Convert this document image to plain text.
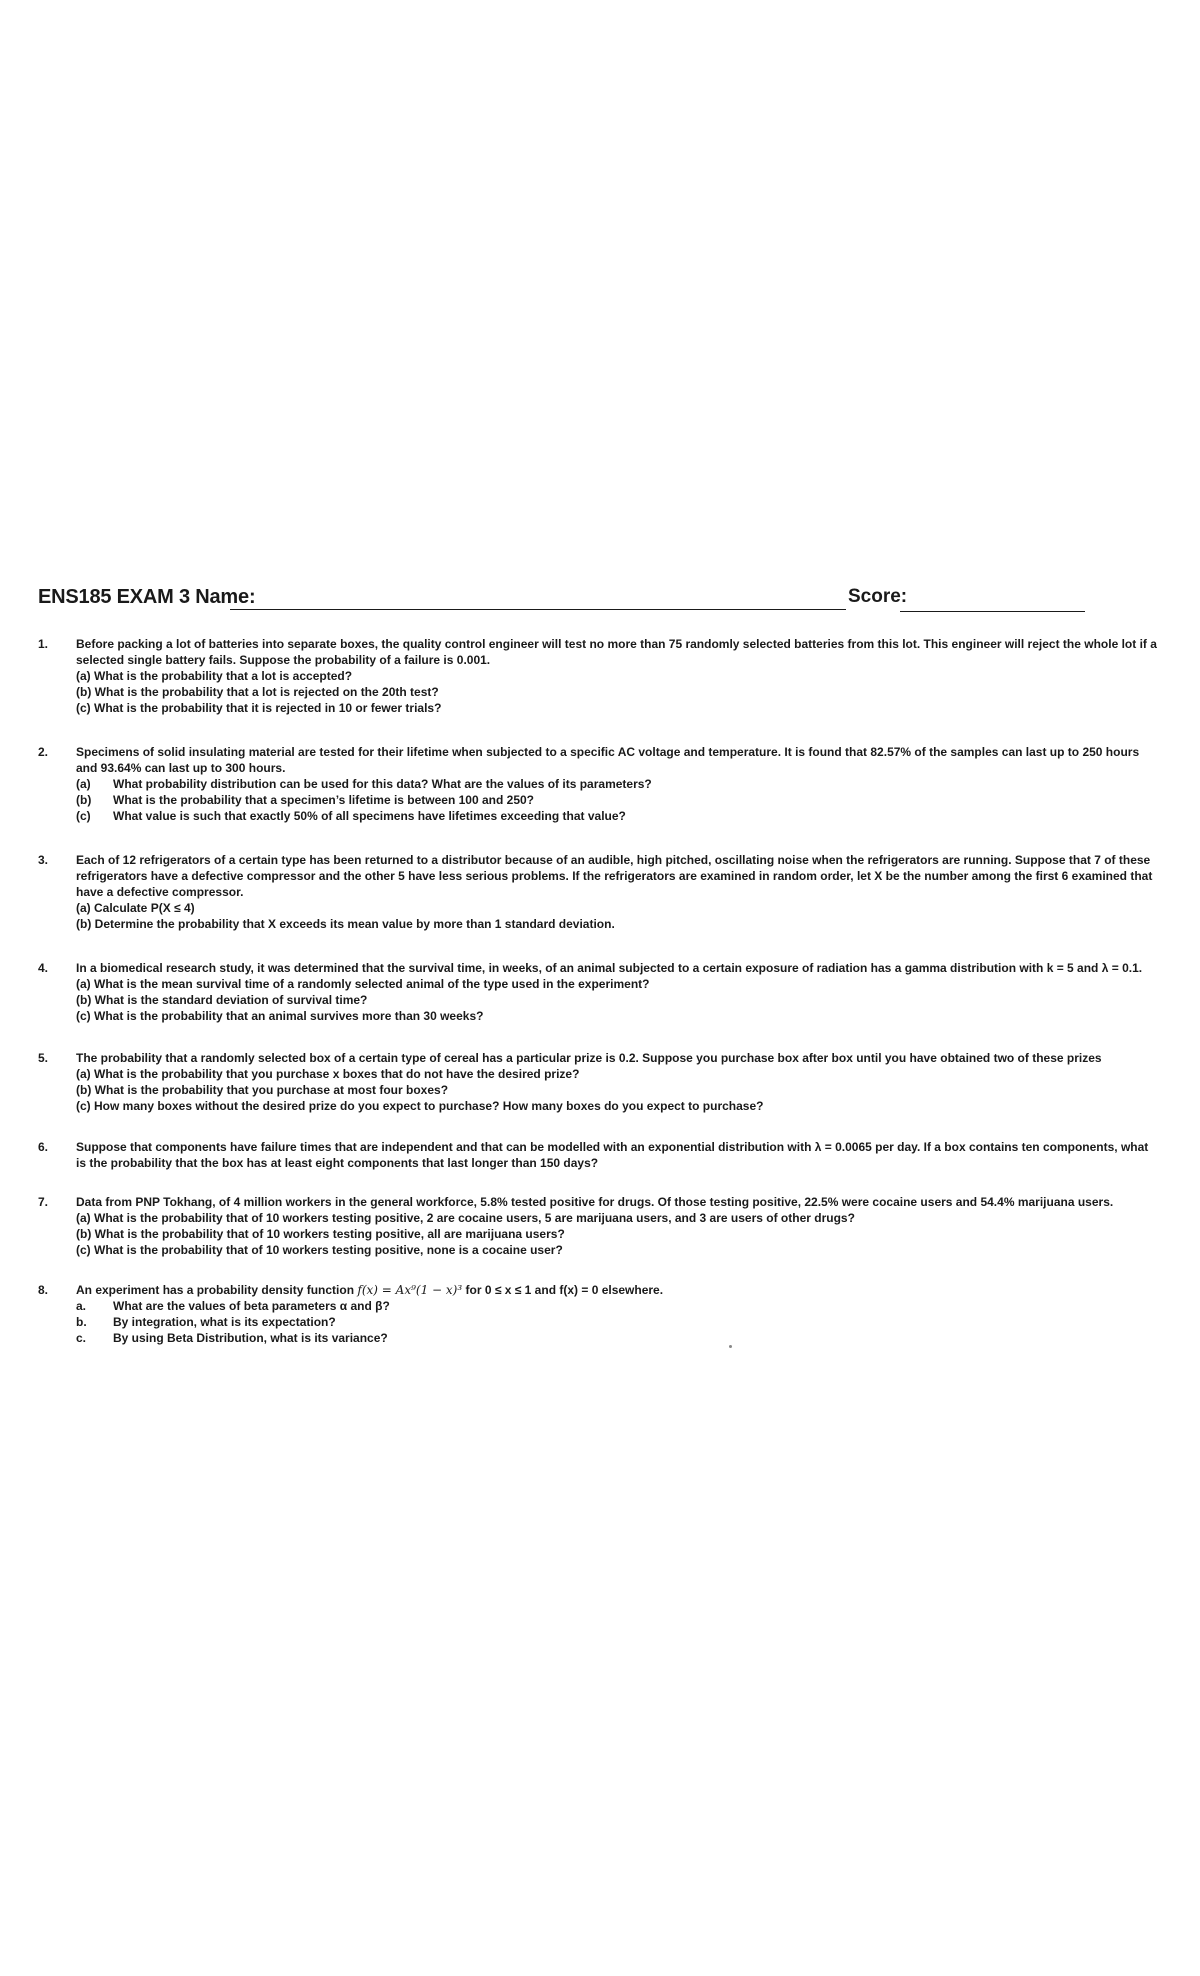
ENS185 EXAM 3 Name:	Score:
1.	Before packing a lot of batteries into separate boxes, the quality control engineer will test no more than 75 randomly selected batteries from this lot. This engineer will reject the whole lot if a selected single battery fails. Suppose the probability of a failure is 0.001.

(a) What is the probability that a lot is accepted?

(b) What is the probability that a lot is rejected on the 20th test?

(c) What is the probability that it is rejected in 10 or fewer trials?

2.	Specimens of solid insulating material are tested for their lifetime when subjected to a specific AC voltage and temperature. It is found that 82.57% of the samples can last up to 250 hours and 93.64% can last up to 300 hours.

(a)	What probability distribution can be used for this data? What are the values of its parameters?
(b)	What is the probability that a specimen’s lifetime is between 100 and 250?
(c)	What value is such that exactly 50% of all specimens have lifetimes exceeding that value?
3.	Each of 12 refrigerators of a certain type has been returned to a distributor because of an audible, high pitched, oscillating noise when the refrigerators are running. Suppose that 7 of these refrigerators have a defective compressor and the other 5 have less serious problems. If the refrigerators are examined in random order, let X be the number among the first 6 examined that have a defective compressor.

(a) Calculate P(X ≤ 4)

(b) Determine the probability that X exceeds its mean value by more than 1 standard deviation.

4.	In a biomedical research study, it was determined that the survival time, in weeks, of an animal subjected to a certain exposure of radiation has a gamma distribution with k = 5 and λ = 0.1.

(a) What is the mean survival time of a randomly selected animal of the type used in the experiment?

(b) What is the standard deviation of survival time?

(c) What is the probability that an animal survives more than 30 weeks?

5.	The probability that a randomly selected box of a certain type of cereal has a particular prize is 0.2. Suppose you purchase box after box until you have obtained two of these prizes

(a) What is the probability that you purchase x boxes that do not have the desired prize?

(b) What is the probability that you purchase at most four boxes?

(c) How many boxes without the desired prize do you expect to purchase? How many boxes do you expect to purchase?

6.	Suppose that components have failure times that are independent and that can be modelled with an exponential distribution with λ = 0.0065 per day. If a box contains ten components, what is the probability that the box has at least eight components that last longer than 150 days?

7.	Data from PNP Tokhang, of 4 million workers in the general workforce, 5.8% tested positive for drugs. Of those testing positive, 22.5% were cocaine users and 54.4% marijuana users.

(a) What is the probability that of 10 workers testing positive, 2 are cocaine users, 5 are marijuana users, and 3 are users of other drugs?

(b) What is the probability that of 10 workers testing positive, all are marijuana users?

(c) What is the probability that of 10 workers testing positive, none is a cocaine user?

8.	An experiment has a probability density function f(x) = Ax⁹(1 − x)³ for 0 ≤ x ≤ 1 and f(x) = 0 elsewhere.

a.	What are the values of beta parameters α and β?
b.	By integration, what is its expectation?
c.	By using Beta Distribution, what is its variance?
